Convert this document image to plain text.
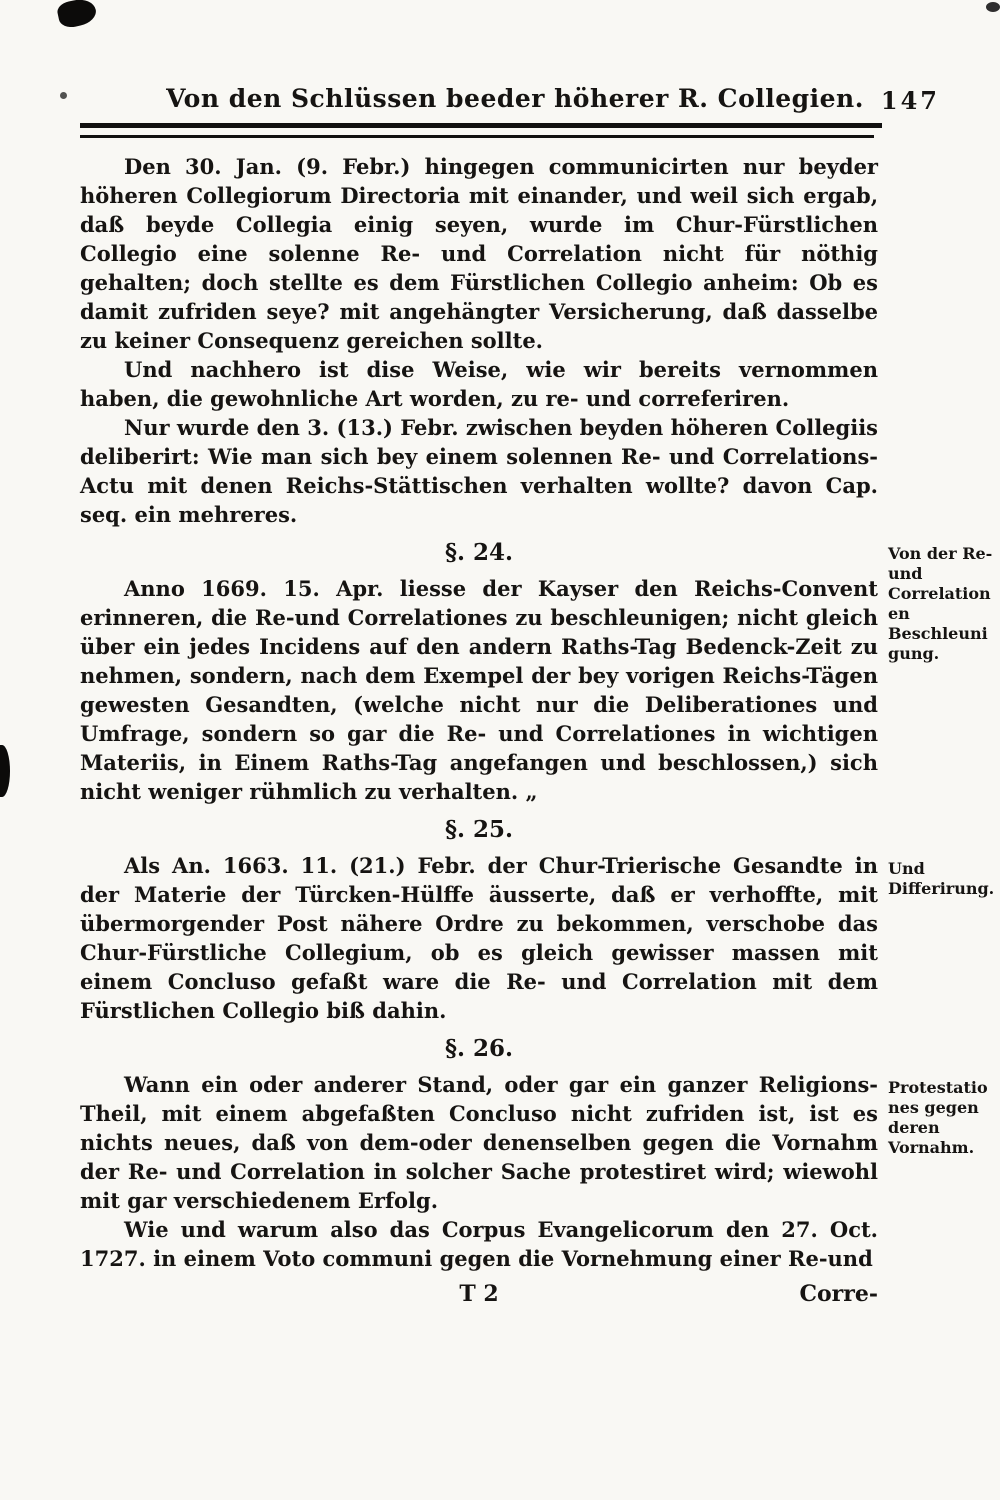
Von den Schlüssen beeder höherer R. Collegien. 147

Den 30. Jan. (9. Febr.) hingegen communicirten nur beyder höheren Collegiorum Directoria mit einander, und weil sich ergab, daß beyde Collegia einig seyen, wurde im Chur-Fürstlichen Collegio eine solenne Re- und Correlation nicht für nöthig gehalten; doch stellte es dem Fürstlichen Collegio anheim: Ob es damit zufriden seye? mit angehängter Versicherung, daß dasselbe zu keiner Consequenz gereichen sollte.

Und nachhero ist dise Weise, wie wir bereits vernommen haben, die gewohnliche Art worden, zu re- und correferiren.

Nur wurde den 3. (13.) Febr. zwischen beyden höheren Collegiis deliberirt: Wie man sich bey einem solennen Re- und Correlations-Actu mit denen Reichs-Stättischen verhalten wollte? davon Cap. seq. ein mehreres.

§. 24.

Anno 1669. 15. Apr. liesse der Kayser den Reichs-Convent erinneren, die Re-und Correlationes zu beschleunigen; nicht gleich über ein jedes Incidens auf den andern Raths-Tag Bedenck-Zeit zu nehmen, sondern, nach dem Exempel der bey vorigen Reichs-Tägen gewesten Gesandten, (welche nicht nur die Deliberationes und Umfrage, sondern so gar die Re- und Correlationes in wichtigen Materiis, in Einem Raths-Tag angefangen und beschlossen,) sich nicht weniger rühmlich zu verhalten. „

Von der Re-und Correlationen Beschleunigung.
§. 25.

Als An. 1663. 11. (21.) Febr. der Chur-Trierische Gesandte in der Materie der Türcken-Hülffe äusserte, daß er verhoffte, mit übermorgender Post nähere Ordre zu bekommen, verschobe das Chur-Fürstliche Collegium, ob es gleich gewisser massen mit einem Concluso gefaßt ware die Re- und Correlation mit dem Fürstlichen Collegio biß dahin.

Und Differirung.
§. 26.

Wann ein oder anderer Stand, oder gar ein ganzer Religions-Theil, mit einem abgefaßten Concluso nicht zufriden ist, ist es nichts neues, daß von dem-oder denenselben gegen die Vornahm der Re- und Correlation in solcher Sache protestiret wird; wiewohl mit gar verschiedenem Erfolg.

Protestationes gegen deren Vornahm.

Wie und warum also das Corpus Evangelicorum den 27. Oct. 1727. in einem Voto communi gegen die Vornehmung einer Re-und

T 2	Corre-
